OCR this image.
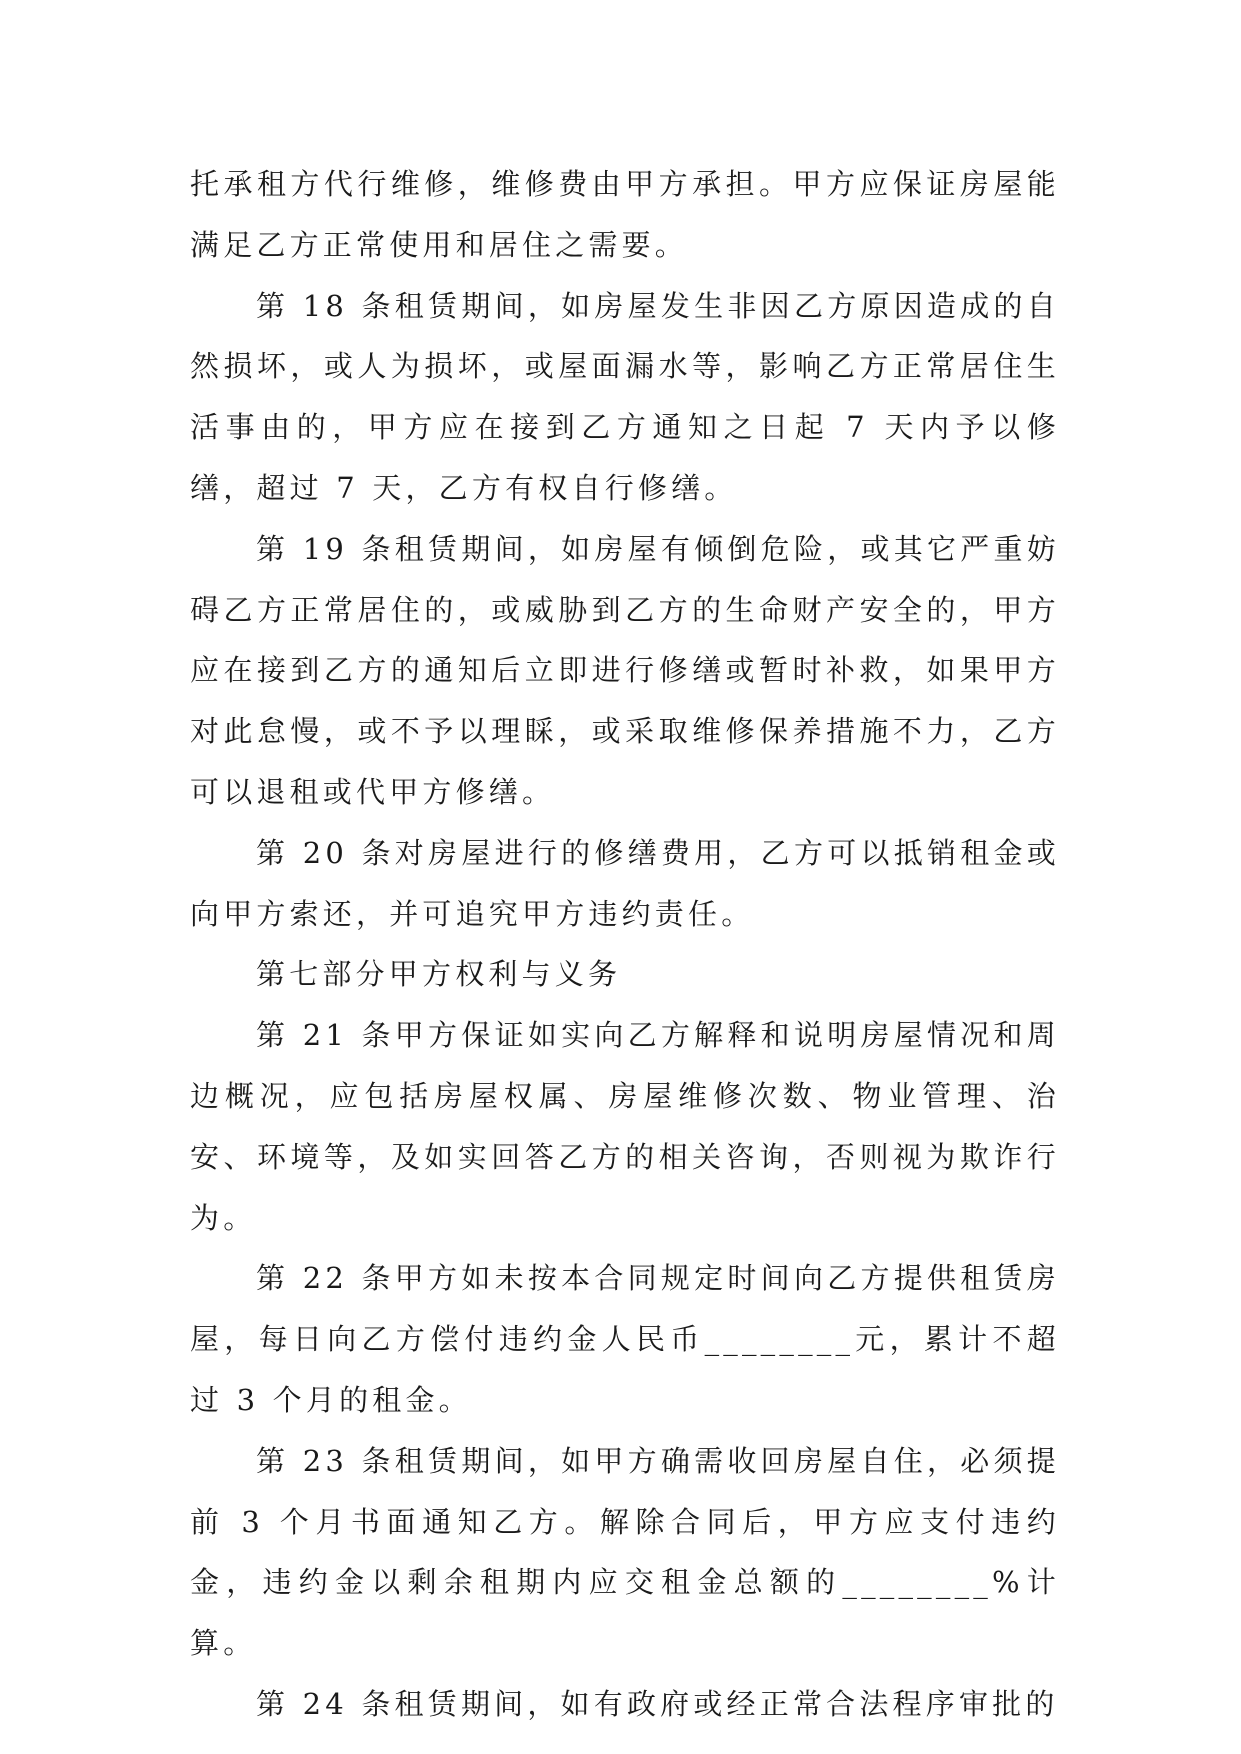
托承租方代行维修，维修费由甲方承担。甲方应保证房屋能满足乙方正常使用和居住之需要。

第 18 条租赁期间，如房屋发生非因乙方原因造成的自然损坏，或人为损坏，或屋面漏水等，影响乙方正常居住生活事由的，甲方应在接到乙方通知之日起 7 天内予以修缮，超过 7 天，乙方有权自行修缮。

第 19 条租赁期间，如房屋有倾倒危险，或其它严重妨碍乙方正常居住的，或威胁到乙方的生命财产安全的，甲方应在接到乙方的通知后立即进行修缮或暂时补救，如果甲方对此怠慢，或不予以理睬，或采取维修保养措施不力，乙方可以退租或代甲方修缮。

第 20 条对房屋进行的修缮费用，乙方可以抵销租金或向甲方索还，并可追究甲方违约责任。

第七部分甲方权利与义务

第 21 条甲方保证如实向乙方解释和说明房屋情况和周边概况，应包括房屋权属、房屋维修次数、物业管理、治安、环境等，及如实回答乙方的相关咨询，否则视为欺诈行为。

第 22 条甲方如未按本合同规定时间向乙方提供租赁房屋，每日向乙方偿付违约金人民币________元，累计不超过 3 个月的租金。

第 23 条租赁期间，如甲方确需收回房屋自住，必须提前 3 个月书面通知乙方。解除合同后，甲方应支付违约金，违约金以剩余租期内应交租金总额的________%计算。

第 24 条租赁期间，如有政府或经正常合法程序审批的
